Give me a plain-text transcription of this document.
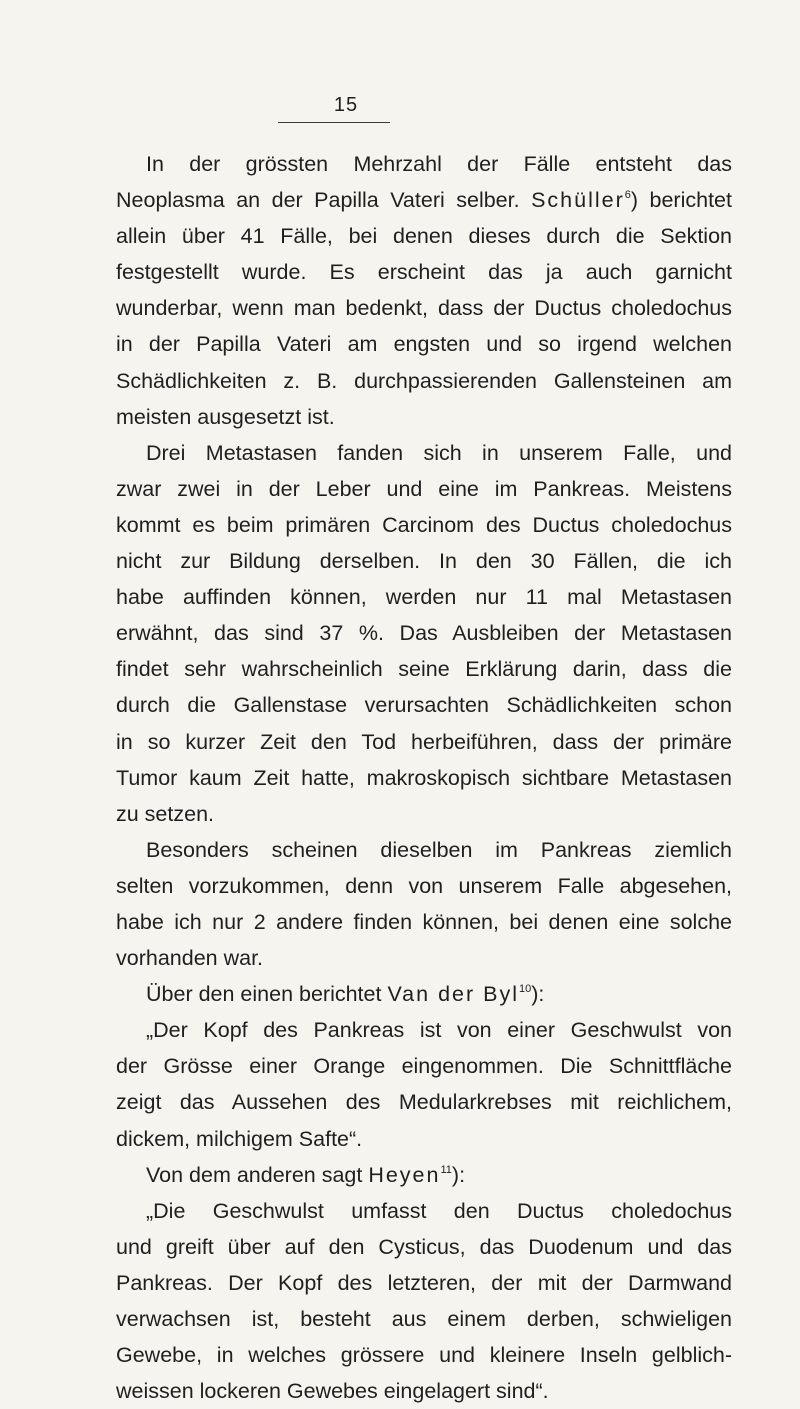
15
In der grössten Mehrzahl der Fälle entsteht das
Neoplasma an der Papilla Vateri selber. Schüller$^6$) berichtet
allein über 41 Fälle, bei denen dieses durch die Sektion
festgestellt wurde. Es erscheint das ja auch garnicht
wunderbar, wenn man bedenkt, dass der Ductus choledochus
in der Papilla Vateri am engsten und so irgend welchen
Schädlichkeiten z. B. durchpassierenden Gallensteinen am
meisten ausgesetzt ist.
Drei Metastasen fanden sich in unserem Falle, und
zwar zwei in der Leber und eine im Pankreas. Meistens
kommt es beim primären Carcinom des Ductus choledochus
nicht zur Bildung derselben. In den 30 Fällen, die ich
habe auffinden können, werden nur 11 mal Metastasen
erwähnt, das sind 37 %. Das Ausbleiben der Metastasen
findet sehr wahrscheinlich seine Erklärung darin, dass die
durch die Gallenstase verursachten Schädlichkeiten schon
in so kurzer Zeit den Tod herbeiführen, dass der primäre
Tumor kaum Zeit hatte, makroskopisch sichtbare Metastasen
zu setzen.
Besonders scheinen dieselben im Pankreas ziemlich
selten vorzukommen, denn von unserem Falle abgesehen,
habe ich nur 2 andere finden können, bei denen eine solche
vorhanden war.
Über den einen berichtet Van der Byl$^{10}$):
„Der Kopf des Pankreas ist von einer Geschwulst von
der Grösse einer Orange eingenommen. Die Schnittfläche
zeigt das Aussehen des Medularkrebses mit reichlichem,
dickem, milchigem Safte“.
Von dem anderen sagt Heyen$^{11}$):
„Die Geschwulst umfasst den Ductus choledochus
und greift über auf den Cysticus, das Duodenum und das
Pankreas. Der Kopf des letzteren, der mit der Darmwand
verwachsen ist, besteht aus einem derben, schwieligen
Gewebe, in welches grössere und kleinere Inseln gelblich-
weissen lockeren Gewebes eingelagert sind“.
